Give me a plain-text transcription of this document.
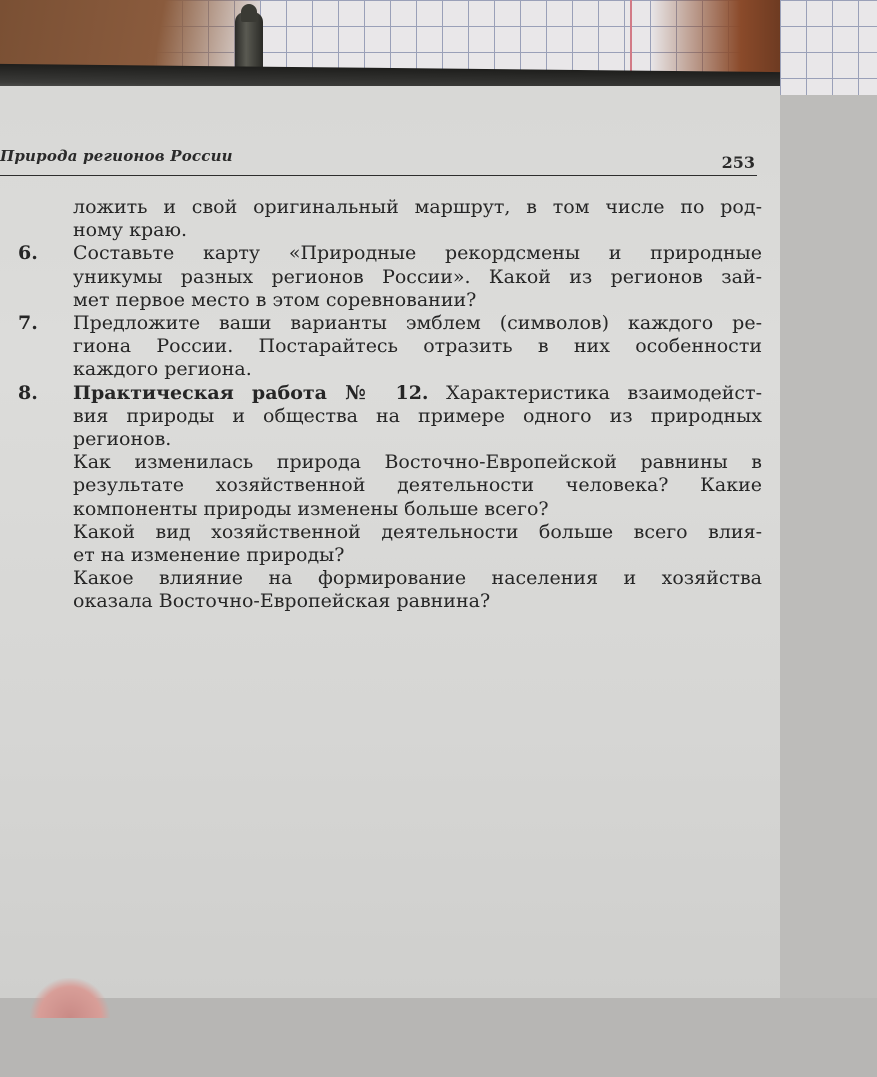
Природа регионов России	253
ложить и свой оригинальный маршрут, в том числе по род-
ному краю.
6.	Составьте карту «Природные рекордсмены и природные
уникумы разных регионов России». Какой из регионов зай-
мет первое место в этом соревновании?
7.	Предложите ваши варианты эмблем (символов) каждого ре-
гиона России. Постарайтесь отразить в них особенности
каждого региона.
8.	Практическая работа № 12. Характеристика взаимодейст-
вия природы и общества на примере одного из природных
регионов.
Как изменилась природа Восточно-Европейской равнины в
результате хозяйственной деятельности человека? Какие
компоненты природы изменены больше всего?
Какой вид хозяйственной деятельности больше всего влия-
ет на изменение природы?
Какое влияние на формирование населения и хозяйства
оказала Восточно-Европейская равнина?
